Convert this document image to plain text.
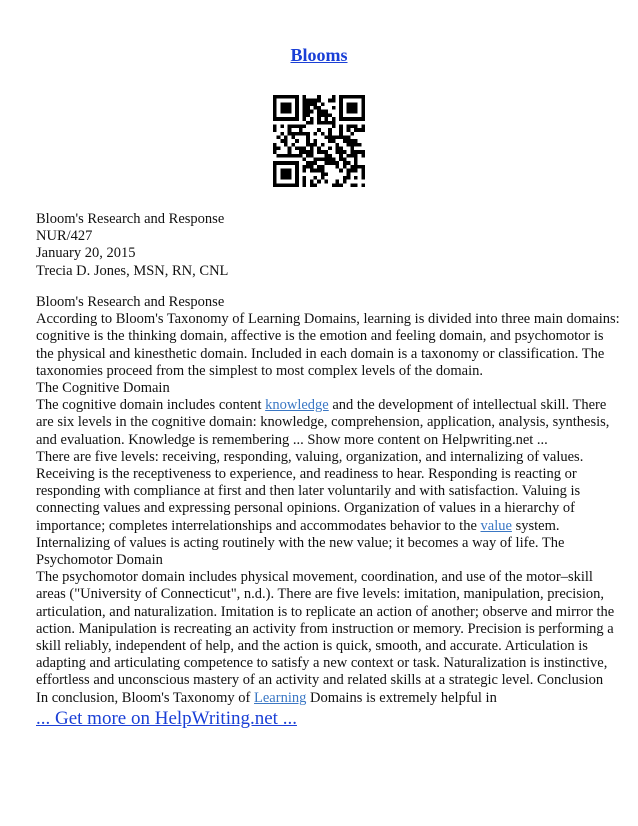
Blooms
Bloom's Research and Response
NUR/427
January 20, 2015
Trecia D. Jones, MSN, RN, CNL
Bloom's Research and Response
According to Bloom's Taxonomy of Learning Domains, learning is divided into three main domains:
cognitive is the thinking domain, affective is the emotion and feeling domain, and psychomotor is
the physical and kinesthetic domain. Included in each domain is a taxonomy or classification. The
taxonomies proceed from the simplest to most complex levels of the domain.
The Cognitive Domain
The cognitive domain includes content knowledge and the development of intellectual skill. There
are six levels in the cognitive domain: knowledge, comprehension, application, analysis, synthesis,
and evaluation. Knowledge is remembering ... Show more content on Helpwriting.net ...
There are five levels: receiving, responding, valuing, organization, and internalizing of values.
Receiving is the receptiveness to experience, and readiness to hear. Responding is reacting or
responding with compliance at first and then later voluntarily and with satisfaction. Valuing is
connecting values and expressing personal opinions. Organization of values in a hierarchy of
importance; completes interrelationships and accommodates behavior to the value system.
Internalizing of values is acting routinely with the new value; it becomes a way of life. The
Psychomotor Domain
The psychomotor domain includes physical movement, coordination, and use of the motor–skill
areas ("University of Connecticut", n.d.). There are five levels: imitation, manipulation, precision,
articulation, and naturalization. Imitation is to replicate an action of another; observe and mirror the
action. Manipulation is recreating an activity from instruction or memory. Precision is performing a
skill reliably, independent of help, and the action is quick, smooth, and accurate. Articulation is
adapting and articulating competence to satisfy a new context or task. Naturalization is instinctive,
effortless and unconscious mastery of an activity and related skills at a strategic level. Conclusion
In conclusion, Bloom's Taxonomy of Learning Domains is extremely helpful in
... Get more on HelpWriting.net ...
